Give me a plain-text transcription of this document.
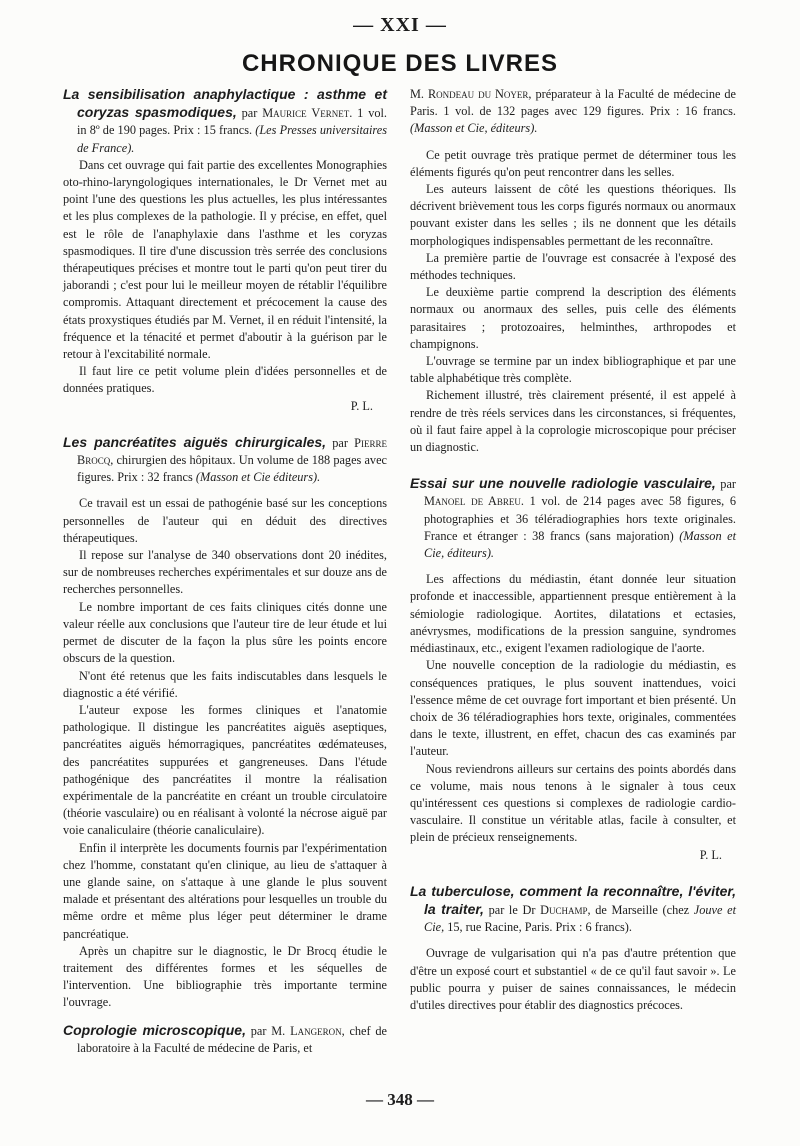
— XXI —
CHRONIQUE DES LIVRES

La sensibilisation anaphylactique : asthme et coryzas spasmodiques, par Maurice Vernet. 1 vol. in 8º de 190 pages. Prix : 15 francs. (Les Presses universitaires de France).

Dans cet ouvrage qui fait partie des excellentes Monographies oto-rhino-laryngologiques internationales, le Dr Vernet met au point l'une des questions les plus actuelles, les plus intéressantes et les plus complexes de la pathologie. Il y précise, en effet, quel est le rôle de l'anaphylaxie dans l'asthme et les coryzas spasmodiques. Il tire d'une discussion très serrée des conclusions thérapeutiques précises et montre tout le parti qu'on peut tirer du jaborandi ; c'est pour lui le meilleur moyen de rétablir l'équilibre compromis. Attaquant directement et précocement la cause des états proxystiques étudiés par M. Vernet, il en réduit l'intensité, la fréquence et la ténacité et permet d'aboutir à la guérison par le retour à l'excitabilité normale.

Il faut lire ce petit volume plein d'idées personnelles et de données pratiques.

P. L.

Les pancréatites aiguës chirurgicales, par Pierre Brocq, chirurgien des hôpitaux. Un volume de 188 pages avec figures. Prix : 32 francs (Masson et Cie éditeurs).

Ce travail est un essai de pathogénie basé sur les conceptions personnelles de l'auteur qui en déduit des directives thérapeutiques.

Il repose sur l'analyse de 340 observations dont 20 inédites, sur de nombreuses recherches expérimentales et sur douze ans de recherches personnelles.

Le nombre important de ces faits cliniques cités donne une valeur réelle aux conclusions que l'auteur tire de leur étude et lui permet de discuter de la façon la plus sûre les points encore obscurs de la question.

N'ont été retenus que les faits indiscutables dans lesquels le diagnostic a été vérifié.

L'auteur expose les formes cliniques et l'anatomie pathologique. Il distingue les pancréatites aiguës aseptiques, pancréatites aiguës hémorragiques, pancréatites œdémateuses, des pancréatites suppurées et gangreneuses. Dans l'étude pathogénique des pancréatites il montre la réalisation expérimentale de la pancréatite en créant un trouble circulatoire (théorie vasculaire) ou en réalisant à volonté la nécrose aiguë par voie canaliculaire (théorie canaliculaire).

Enfin il interprète les documents fournis par l'expérimentation chez l'homme, constatant qu'en clinique, au lieu de s'attaquer à une glande saine, on s'attaque à une glande le plus souvent malade et présentant des altérations pour lesquelles un trouble du même ordre et même plus léger peut déterminer le drame pancréatique.

Après un chapitre sur le diagnostic, le Dr Brocq étudie le traitement des différentes formes et les séquelles de l'intervention. Une bibliographie très importante termine l'ouvrage.

Coprologie microscopique, par M. Langeron, chef de laboratoire à la Faculté de médecine de Paris, et

M. Rondeau du Noyer, préparateur à la Faculté de médecine de Paris. 1 vol. de 132 pages avec 129 figures. Prix : 16 francs. (Masson et Cie, éditeurs).

Ce petit ouvrage très pratique permet de déterminer tous les éléments figurés qu'on peut rencontrer dans les selles.

Les auteurs laissent de côté les questions théoriques. Ils décrivent brièvement tous les corps figurés normaux ou anormaux pouvant exister dans les selles ; ils ne donnent que les détails morphologiques indispensables permettant de les reconnaître.

La première partie de l'ouvrage est consacrée à l'exposé des méthodes techniques.

Le deuxième partie comprend la description des éléments normaux ou anormaux des selles, puis celle des éléments parasitaires ; protozoaires, helminthes, arthropodes et champignons.

L'ouvrage se termine par un index bibliographique et par une table alphabétique très complète.

Richement illustré, très clairement présenté, il est appelé à rendre de très réels services dans les circonstances, si fréquentes, où il faut faire appel à la coprologie microscopique pour préciser un diagnostic.

Essai sur une nouvelle radiologie vasculaire, par Manoel de Abreu. 1 vol. de 214 pages avec 58 figures, 6 photographies et 36 téléradiographies hors texte originales. France et étranger : 38 francs (sans majoration) (Masson et Cie, éditeurs).

Les affections du médiastin, étant donnée leur situation profonde et inaccessible, appartiennent presque entièrement à la sémiologie radiologique. Aortites, dilatations et ectasies, anévrysmes, modifications de la pression sanguine, syndromes médiastinaux, etc., exigent l'examen radiologique de l'aorte.

Une nouvelle conception de la radiologie du médiastin, es conséquences pratiques, le plus souvent inattendues, voici l'essence même de cet ouvrage fort important et bien présenté. Un choix de 36 téléradiographies hors texte, originales, commentées dans le texte, illustrent, en effet, chacun des cas examinés par l'auteur.

Nous reviendrons ailleurs sur certains des points abordés dans ce volume, mais nous tenons à le signaler à tous ceux qu'intéressent ces questions si complexes de radiologie cardio-vasculaire. Il constitue un véritable atlas, facile à consulter, et plein de précieux renseignements.

P. L.

La tuberculose, comment la reconnaître, l'éviter, la traiter, par le Dr Duchamp, de Marseille (chez Jouve et Cie, 15, rue Racine, Paris. Prix : 6 francs).

Ouvrage de vulgarisation qui n'a pas d'autre prétention que d'être un exposé court et substantiel « de ce qu'il faut savoir ». Le public pourra y puiser de saines connaissances, le médecin d'utiles directives pour établir des diagnostics précoces.

— 348 —
